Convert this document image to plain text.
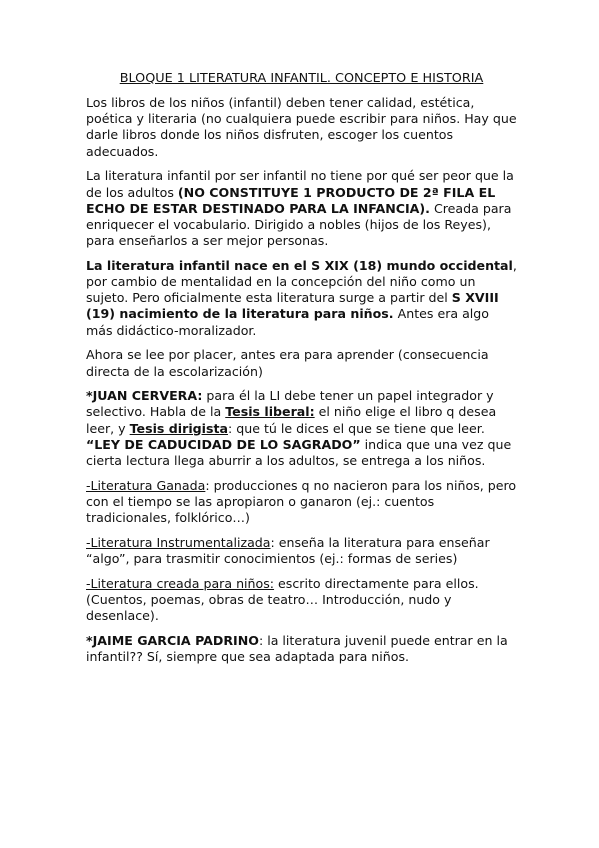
BLOQUE 1 LITERATURA INFANTIL. CONCEPTO E HISTORIA

Los libros de los niños (infantil) deben tener calidad, estética, poética y literaria (no cualquiera puede escribir para niños. Hay que darle libros donde los niños disfruten, escoger los cuentos adecuados.

La literatura infantil por ser infantil no tiene por qué ser peor que la de los adultos (NO CONSTITUYE 1 PRODUCTO DE 2ª FILA EL ECHO DE ESTAR DESTINADO PARA LA INFANCIA). Creada para enriquecer el vocabulario. Dirigido a nobles (hijos de los Reyes), para enseñarlos a ser mejor personas.

La literatura infantil nace en el S XIX (18) mundo occidental, por cambio de mentalidad en la concepción del niño como un sujeto. Pero oficialmente esta literatura surge a partir del S XVIII (19) nacimiento de la literatura para niños. Antes era algo más didáctico-moralizador.

Ahora se lee por placer, antes era para aprender (consecuencia directa de la escolarización)

*JUAN CERVERA: para él la LI debe tener un papel integrador y selectivo. Habla de la Tesis liberal: el niño elige el libro q desea leer, y Tesis dirigista: que tú le dices el que se tiene que leer. “LEY DE CADUCIDAD DE LO SAGRADO” indica que una vez que cierta lectura llega aburrir a los adultos, se entrega a los niños.

-Literatura Ganada: producciones q no nacieron para los niños, pero con el tiempo se las apropiaron o ganaron (ej.: cuentos tradicionales, folklórico…)

-Literatura Instrumentalizada: enseña la literatura para enseñar “algo”, para trasmitir conocimientos (ej.: formas de series)

-Literatura creada para niños: escrito directamente para ellos. (Cuentos, poemas, obras de teatro… Introducción, nudo y desenlace).

*JAIME GARCIA PADRINO: la literatura juvenil puede entrar en la infantil?? Sí, siempre que sea adaptada para niños.
